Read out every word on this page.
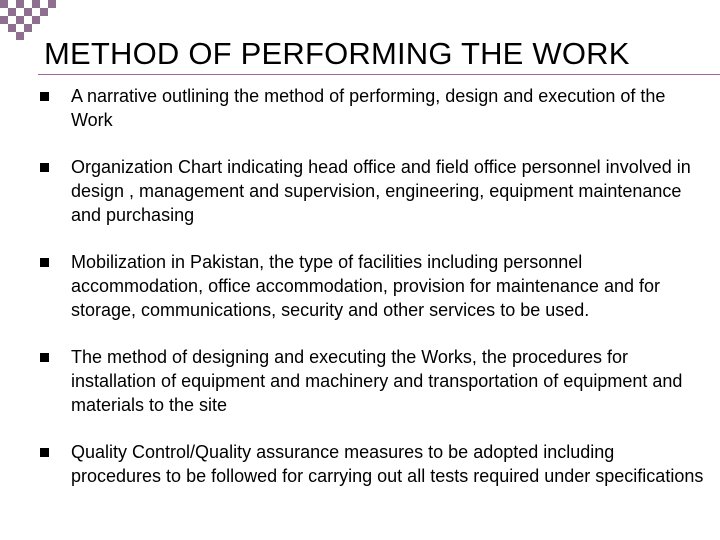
METHOD OF PERFORMING THE WORK
A narrative outlining the method of performing, design and execution of the Work
Organization Chart indicating head office and field office personnel involved in design , management and supervision, engineering, equipment maintenance and purchasing
Mobilization in Pakistan, the type of facilities including personnel accommodation, office accommodation, provision for maintenance and for storage, communications, security and other services to be used.
The method of designing and executing the Works, the procedures for installation of equipment and machinery and transportation of equipment and materials to the site
Quality Control/Quality assurance measures to be adopted including procedures to be followed for carrying out all tests required under specifications
